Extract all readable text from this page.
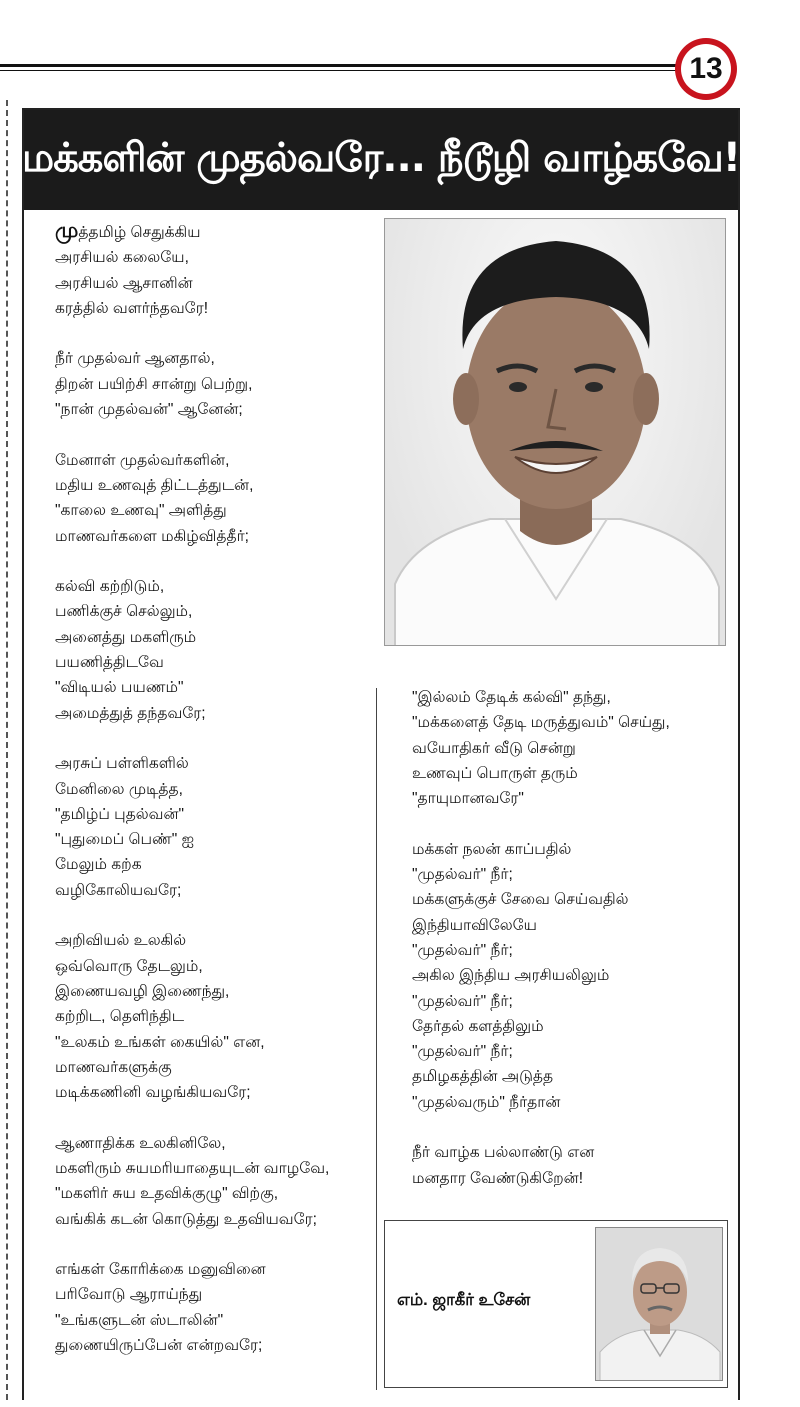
13
மக்களின் முதல்வரே... நீடூழி வாழ்கவே!
முத்தமிழ் செதுக்கிய
அரசியல் கலையே,
அரசியல் ஆசானின்
கரத்தில் வளர்ந்தவரே!
நீர் முதல்வர் ஆனதால்,
திறன் பயிற்சி சான்று பெற்று,
"நான் முதல்வன்" ஆனேன்;
மேனாள் முதல்வர்களின்,
மதிய உணவுத் திட்டத்துடன்,
"காலை உணவு" அளித்து
மாணவர்களை மகிழ்வித்தீர்;
கல்வி கற்றிடும்,
பணிக்குச் செல்லும்,
அனைத்து மகளிரும்
பயணித்திடவே
"விடியல் பயணம்"
அமைத்துத் தந்தவரே;
அரசுப் பள்ளிகளில்
மேனிலை முடித்த,
"தமிழ்ப் புதல்வன்"
"புதுமைப் பெண்" ஐ
மேலும் கற்க
வழிகோலியவரே;
அறிவியல் உலகில்
ஒவ்வொரு தேடலும்,
இணையவழி இணைந்து,
கற்றிட, தெளிந்திட
"உலகம் உங்கள் கையில்" என,
மாணவர்களுக்கு
மடிக்கணினி வழங்கியவரே;
ஆணாதிக்க உலகினிலே,
மகளிரும் சுயமரியாதையுடன் வாழவே,
"மகளிர் சுய உதவிக்குழு" விற்கு,
வங்கிக் கடன் கொடுத்து உதவியவரே;
எங்கள் கோரிக்கை மனுவினை
பரிவோடு ஆராய்ந்து
"உங்களுடன் ஸ்டாலின்"
துணையிருப்பேன் என்றவரே;
"இல்லம் தேடிக் கல்வி" தந்து,
"மக்களைத் தேடி மருத்துவம்" செய்து,
வயோதிகர் வீடு சென்று
உணவுப் பொருள் தரும்
"தாயுமானவரே"
மக்கள் நலன் காப்பதில்
"முதல்வர்" நீர்;
மக்களுக்குச் சேவை செய்வதில்
இந்தியாவிலேயே
"முதல்வர்" நீர்;
அகில இந்திய அரசியலிலும்
"முதல்வர்" நீர்;
தேர்தல் களத்திலும்
"முதல்வர்" நீர்;
தமிழகத்தின் அடுத்த
"முதல்வரும்" நீர்தான்
நீர் வாழ்க பல்லாண்டு என
மனதார வேண்டுகிறேன்!
எம். ஜாகீர் உசேன்
